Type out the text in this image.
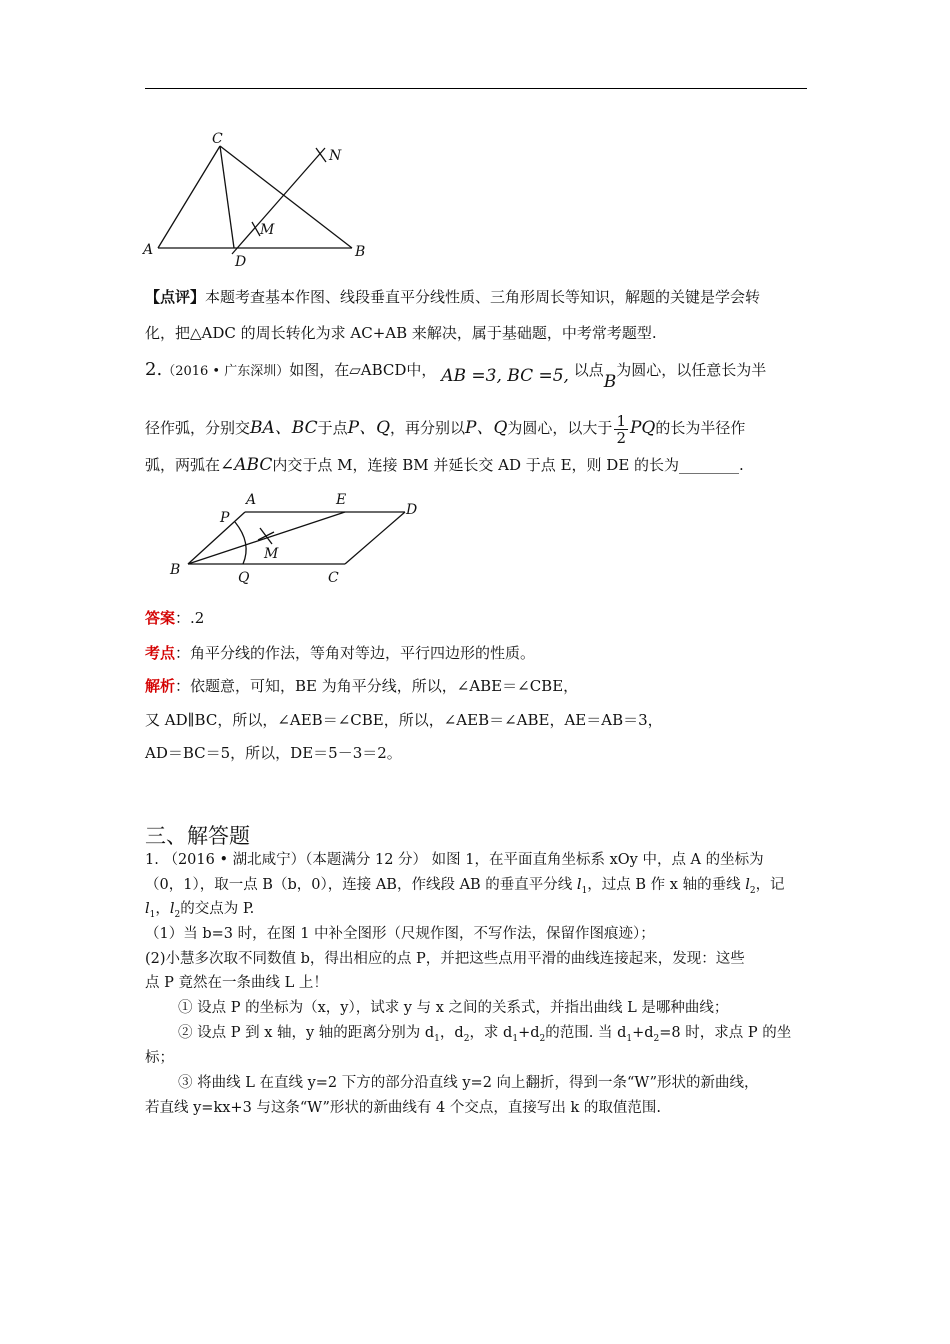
C
N
M
A	B
D
【点评】本题考查基本作图、线段垂直平分线性质、三角形周长等知识，解题的关键是学会转
化，把△ADC 的周长转化为求 AC+AB 来解决，属于基础题，中考常考题型.
2.（2016 • 广东深圳）如图，在▱ABCD中， AB =3, BC =5, 以点B为圆心，以任意长为半
径作弧，分别交BA、BC于点P、Q，再分别以P、Q为圆心，以大于 $\frac{1}{2}$ PQ的长为半径作
弧，两弧在∠ABC内交于点 M，连接 BM 并延长交 AD 于点 E，则 DE 的长为________.
A	E
D
P
M
B	Q	C
答案：.2
考点：角平分线的作法，等角对等边，平行四边形的性质。
解析：依题意，可知，BE 为角平分线，所以，∠ABE＝∠CBE，
又 AD∥BC，所以，∠AEB＝∠CBE，所以，∠AEB＝∠ABE，AE＝AB＝3，
AD＝BC＝5，所以，DE＝5－3＝2。
三、解答题
1. （2016 • 湖北咸宁）（本题满分 12 分） 如图 1，在平面直角坐标系 xOy 中，点 A 的坐标为
（0，1），取一点 B（b，0），连接 AB，作线段 AB 的垂直平分线 $l_1$，过点 B 作 x 轴的垂线 $l_2$，记
$l_1$，$l_2$的交点为 P.
（1）当 b=3 时，在图 1 中补全图形（尺规作图，不写作法，保留作图痕迹）；
(2)小慧多次取不同数值 b，得出相应的点 P，并把这些点用平滑的曲线连接起来，发现：这些
点 P 竟然在一条曲线 L 上！
① 设点 P 的坐标为（x，y），试求 y 与 x 之间的关系式，并指出曲线 L 是哪种曲线；
② 设点 P 到 x 轴，y 轴的距离分别为 $d_1$，$d_2$，求 $d_1+d_2$的范围. 当 $d_1+d_2=8$ 时，求点 P 的坐
标；
③ 将曲线 L 在直线 y=2 下方的部分沿直线 y=2 向上翻折，得到一条“W”形状的新曲线，
若直线 y=kx+3 与这条“W”形状的新曲线有 4 个交点，直接写出 k 的取值范围.
